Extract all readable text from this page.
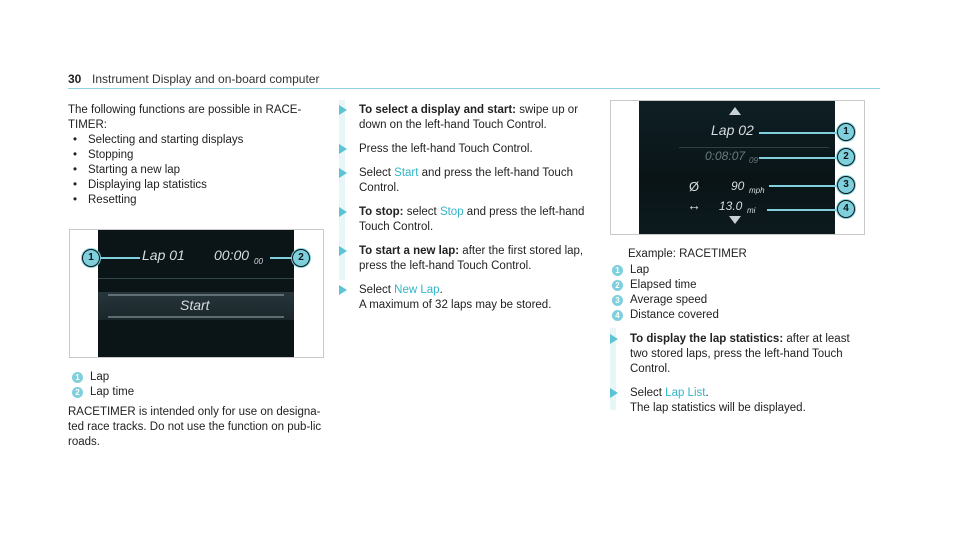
30 Instrument Display and on-board computer
The following functions are possible in RACE-TIMER:
• Selecting and starting displays
• Stopping
• Starting a new lap
• Displaying lap statistics
• Resetting
Lap 01 00:00 00
Start
1	2
1 Lap
2 Lap time
RACETIMER is intended only for use on designa-ted race tracks. Do not use the function on pub-lic roads.
To select a display and start: swipe up or down on the left-hand Touch Control.
Press the left-hand Touch Control.
Select Start and press the left-hand Touch Control.
To stop: select Stop and press the left-hand Touch Control.
To start a new lap: after the first stored lap, press the left-hand Touch Control.
Select New Lap.
A maximum of 32 laps may be stored.
Lap 02
0:08:07 09
Ø	90 mph
↔ 13.0 mi
1
2
3
4
Example: RACETIMER
1 Lap
2 Elapsed time
3 Average speed
4 Distance covered
To display the lap statistics: after at least two stored laps, press the left-hand Touch Control.
Select Lap List.
The lap statistics will be displayed.
